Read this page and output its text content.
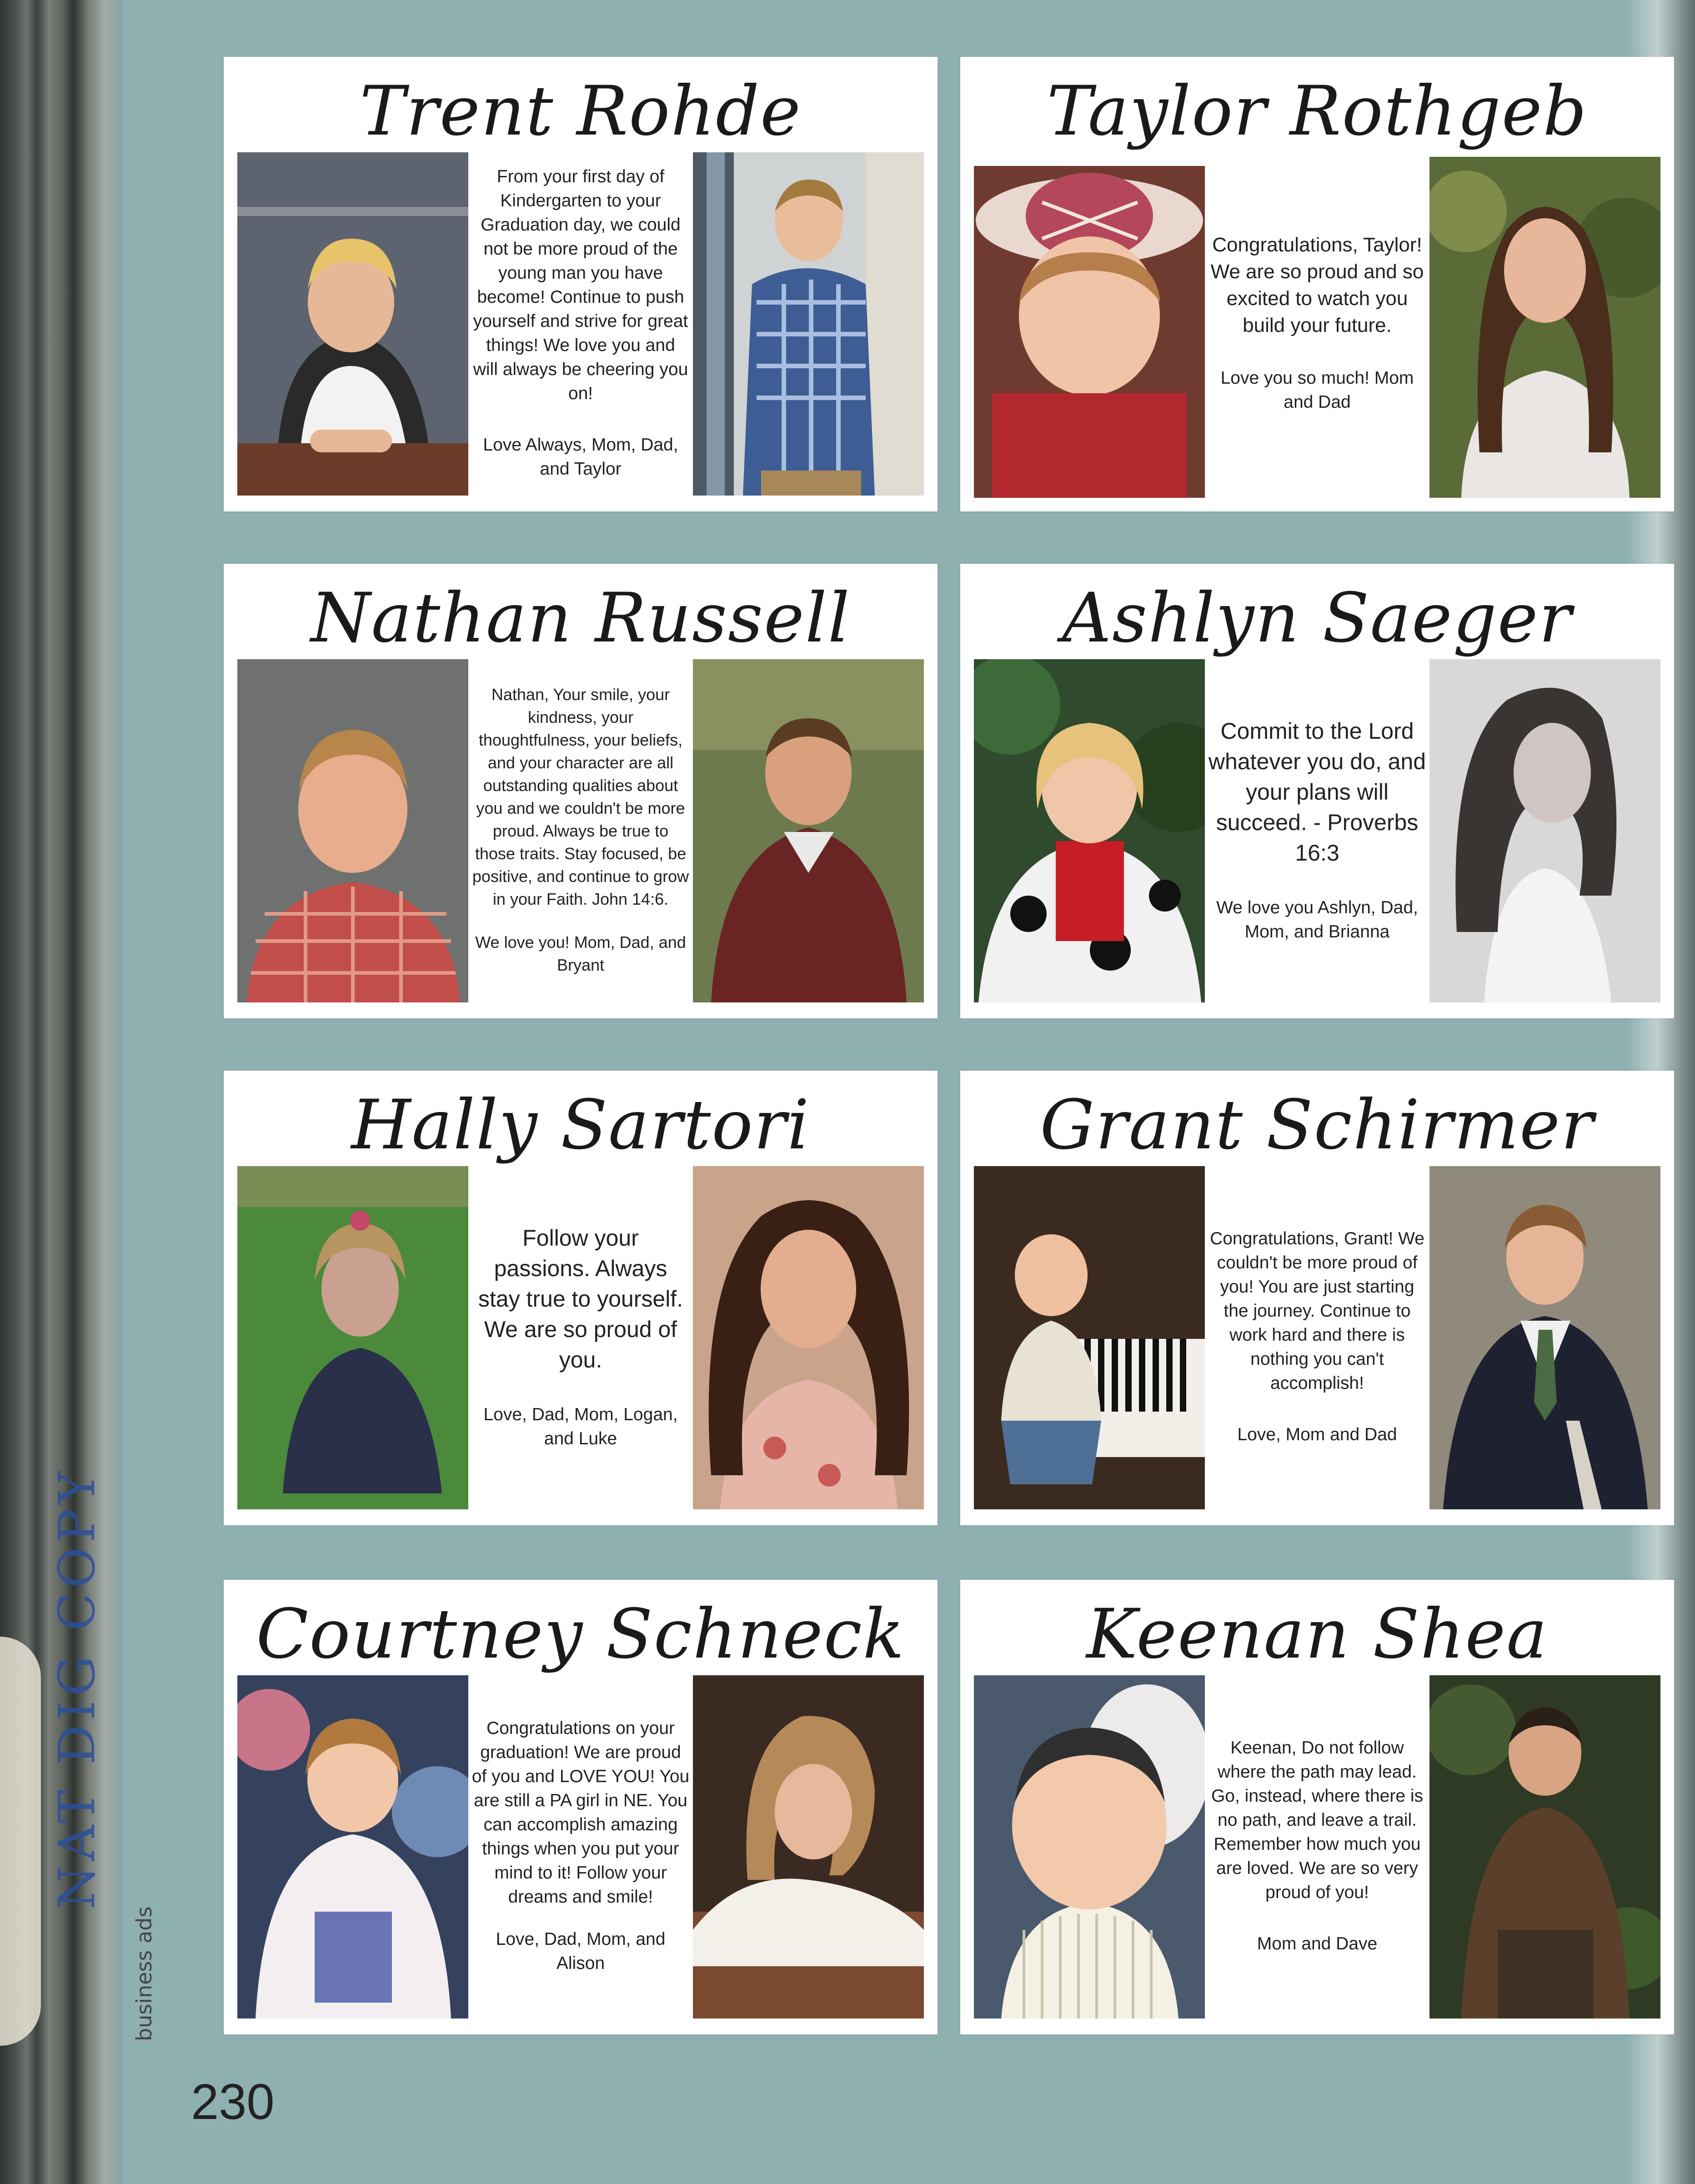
NAT DIG COPY
Trent Rohde
From your first day of Kindergarten to your Graduation day, we could not be more proud of the young man you have become! Continue to push yourself and strive for great things! We love you and will always be cheering you on!
Love Always, Mom, Dad, and Taylor
Taylor Rothgeb
Congratulations, Taylor! We are so proud and so excited to watch you build your future.
Love you so much! Mom and Dad
Nathan Russell
Nathan, Your smile, your kindness, your thoughtfulness, your beliefs, and your character are all outstanding qualities about you and we couldn't be more proud. Always be true to those traits. Stay focused, be positive, and continue to grow in your Faith. John 14:6.
We love you! Mom, Dad, and Bryant
Ashlyn Saeger
Commit to the Lord whatever you do, and your plans will succeed. - Proverbs 16:3
We love you Ashlyn, Dad, Mom, and Brianna
Hally Sartori
Follow your passions. Always stay true to yourself. We are so proud of you.
Love, Dad, Mom, Logan, and Luke
Grant Schirmer
Congratulations, Grant! We couldn't be more proud of you! You are just starting the journey. Continue to work hard and there is nothing you can't accomplish!
Love, Mom and Dad
Courtney Schneck
Congratulations on your graduation! We are proud of you and LOVE YOU! You are still a PA girl in NE. You can accomplish amazing things when you put your mind to it! Follow your dreams and smile!
Love, Dad, Mom, and Alison
Keenan Shea
Keenan, Do not follow where the path may lead. Go, instead, where there is no path, and leave a trail. Remember how much you are loved. We are so very proud of you!
Mom and Dave
business ads
230
